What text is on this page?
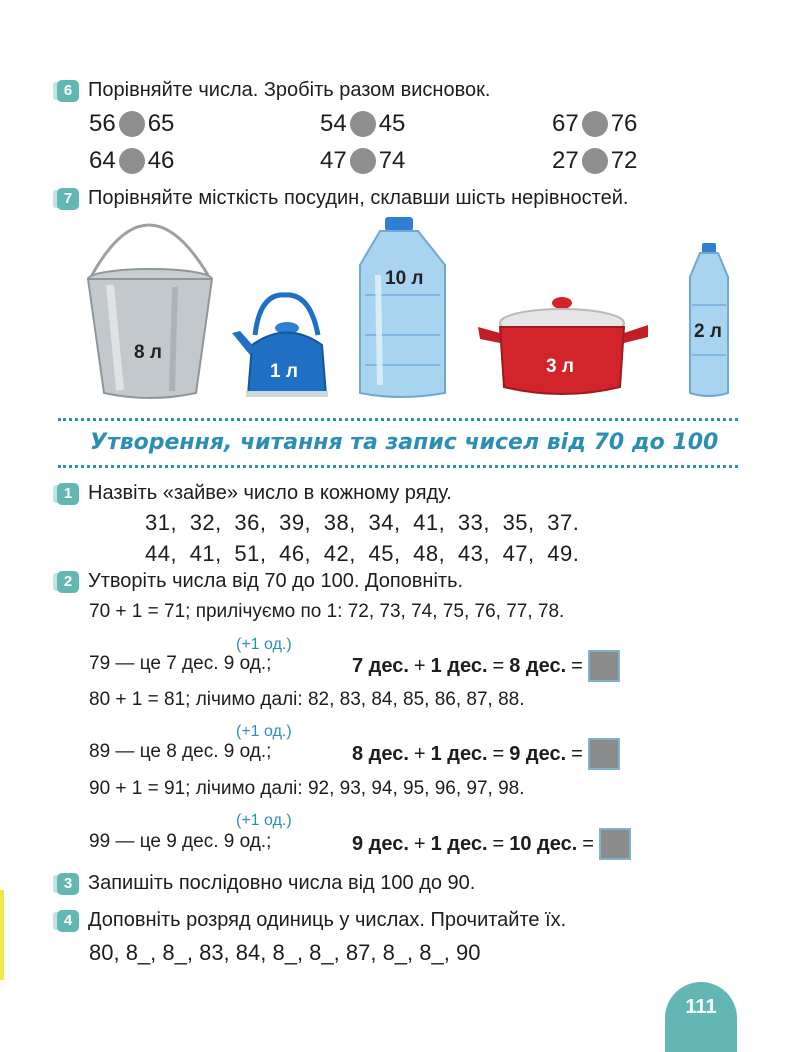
6 Порівняйте числа. Зробіть разом висновок.
56 65	54 45	67 76
64 46	47 74	27 72
7 Порівняйте місткість посудин, склавши шість нерівностей.
8 л
1 л
10 л
3 л
2 л
Утворення, читання та запис чисел від 70 до 100
1 Назвіть «зайве» число в кожному ряду.
31, 32, 36, 39, 38, 34, 41, 33, 35, 37.
44, 41, 51, 46, 42, 45, 48, 43, 47, 49.
2 Утворіть числа від 70 до 100. Доповніть.
70 + 1 = 71; прилічуємо по 1: 72, 73, 74, 75, 76, 77, 78.
(+1 од.)
79 — це 7 дес. 9 од.;	7 дес. + 1 дес. = 8 дес. =
80 + 1 = 81; лічимо далі: 82, 83, 84, 85, 86, 87, 88.
(+1 од.)
89 — це 8 дес. 9 од.;	8 дес. + 1 дес. = 9 дес. =
90 + 1 = 91; лічимо далі: 92, 93, 94, 95, 96, 97, 98.
(+1 од.)
99 — це 9 дес. 9 од.;	9 дес. + 1 дес. = 10 дес. =
3 Запишіть послідовно числа від 100 до 90.
4 Доповніть розряд одиниць у числах. Прочитайте їх.
80, 8_, 8_, 83, 84, 8_, 8_, 87, 8_, 8_, 90
111
